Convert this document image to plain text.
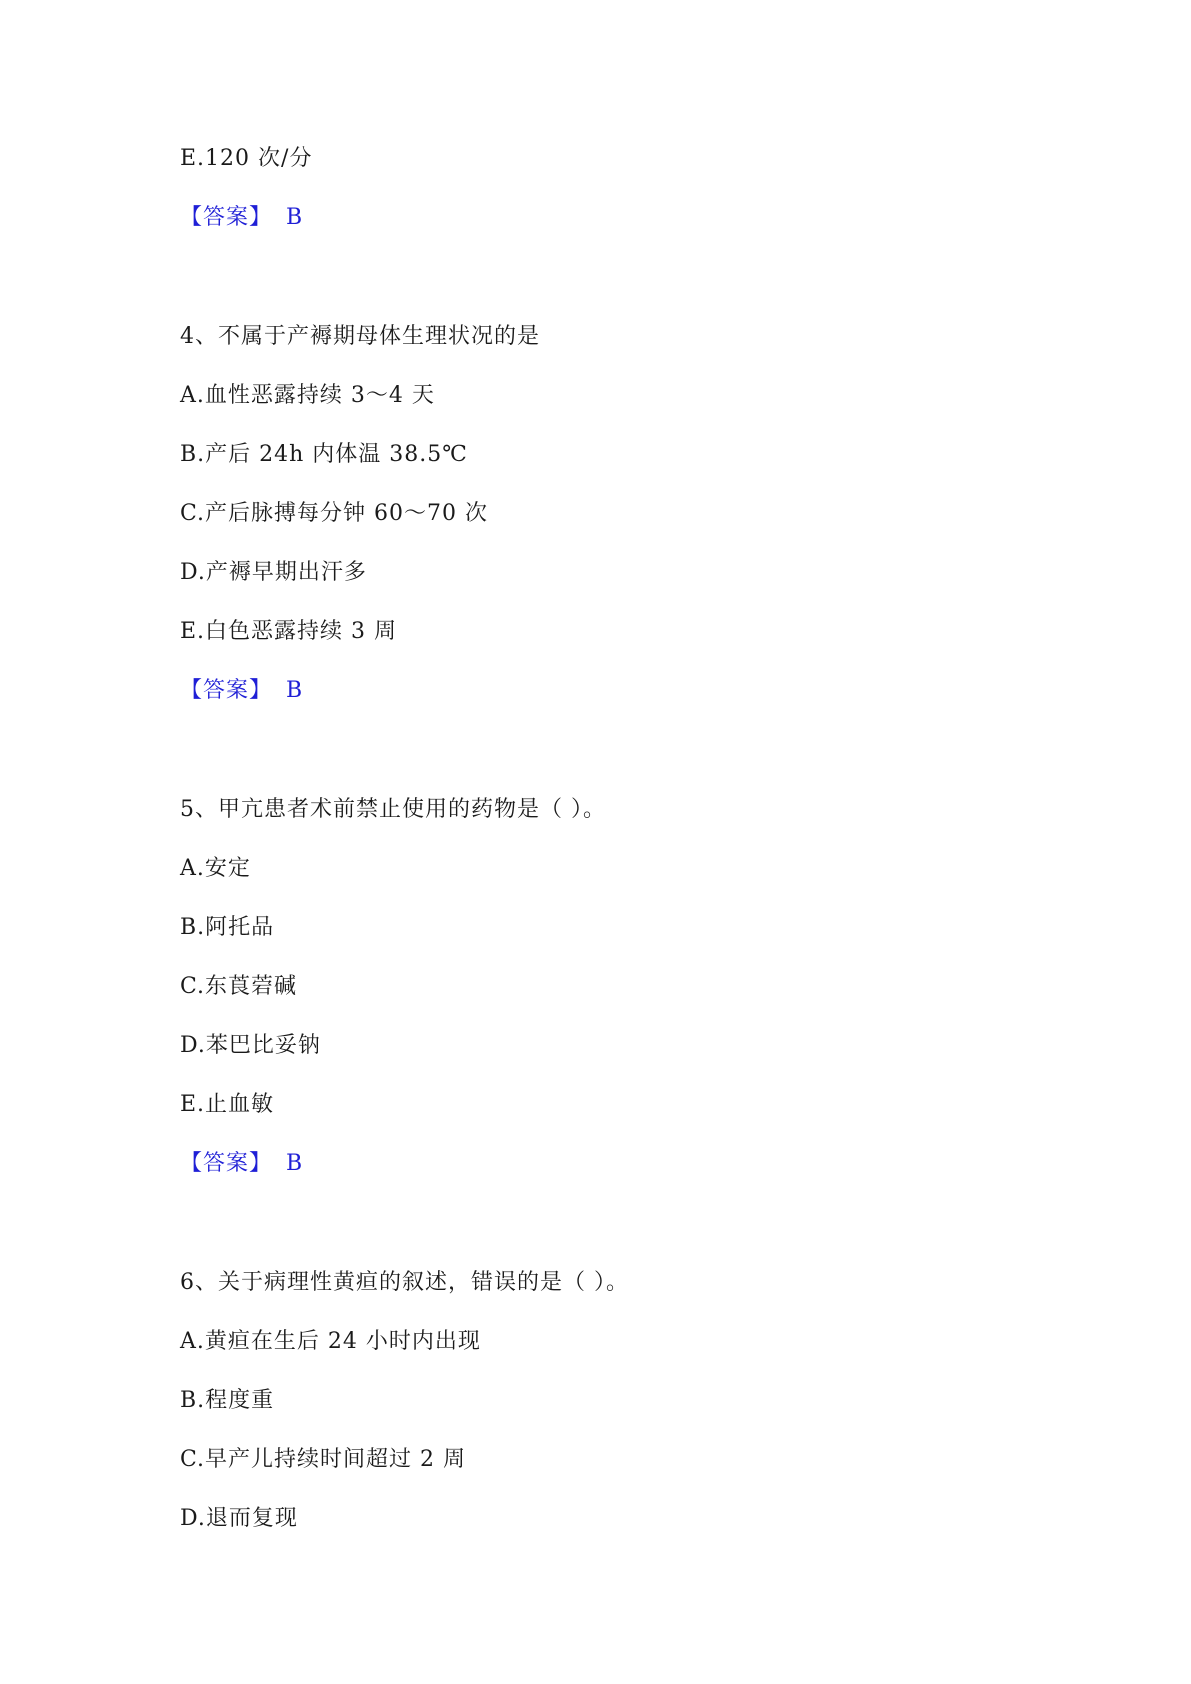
E.120 次/分
【答案】 B
4、不属于产褥期母体生理状况的是
A.血性恶露持续 3～4 天
B.产后 24h 内体温 38.5℃
C.产后脉搏每分钟 60～70 次
D.产褥早期出汗多
E.白色恶露持续 3 周
【答案】 B
5、甲亢患者术前禁止使用的药物是（ ）。
A.安定
B.阿托品
C.东莨菪碱
D.苯巴比妥钠
E.止血敏
【答案】 B
6、关于病理性黄疸的叙述，错误的是（ ）。
A.黄疸在生后 24 小时内出现
B.程度重
C.早产儿持续时间超过 2 周
D.退而复现
